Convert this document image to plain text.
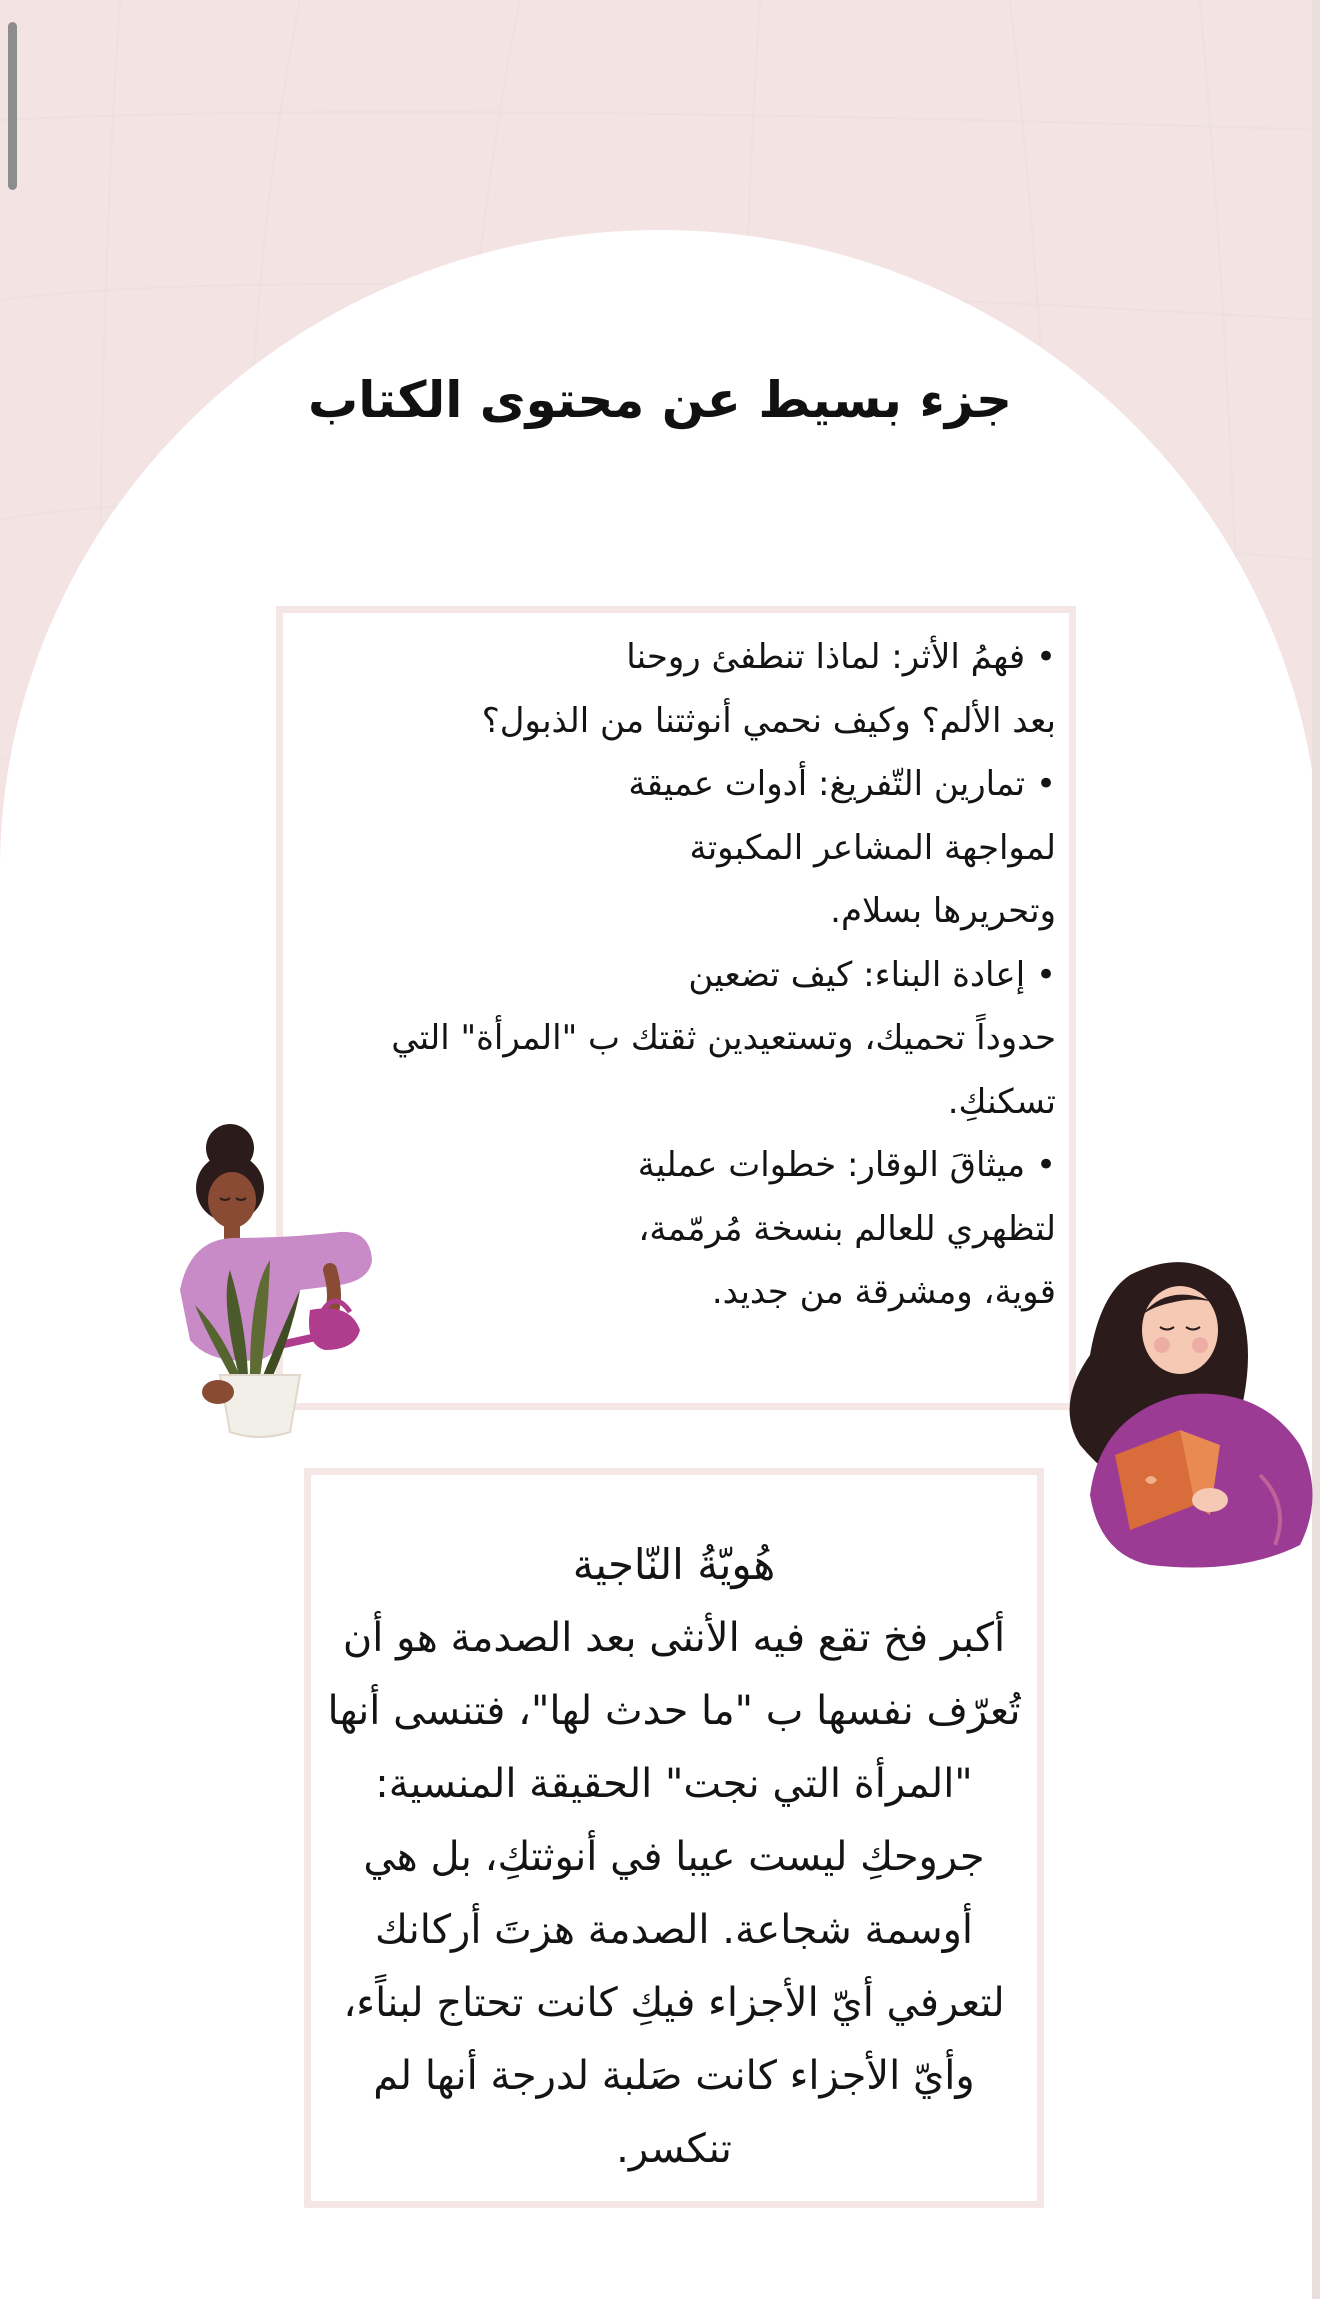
جزء بسيط عن محتوى الكتاب
• فهمُ الأثر: لماذا تنطفئ روحنا
بعد الألم؟ وكيف نحمي أنوثتنا من الذبول؟
• تمارين التّفريغ: أدوات عميقة
لمواجهة المشاعر المكبوتة
وتحريرها بسلام.
• إعادة البناء: كيف تضعين
حدوداً تحميك، وتستعيدين ثقتك ب "المرأة" التي
تسكنكِ.
• ميثاقَ الوقار: خطوات عملية
لتظهري للعالم بنسخة مُرمّمة،
قوية، ومشرقة من جديد.
هُويّةُ النّاجية
أكبر فخ تقع فيه الأنثى بعد الصدمة هو أن
تُعرّف نفسها ب "ما حدث لها"، فتنسى أنها
"المرأة التي نجت" الحقيقة المنسية:
جروحكِ ليست عيبا في أنوثتكِ، بل هي
أوسمة شجاعة. الصدمة هزتَ أركانك
لتعرفي أيّ الأجزاء فيكِ كانت تحتاج لبناًء،
وأيّ الأجزاء كانت صَلبة لدرجة أنها لم
تنكسر.
